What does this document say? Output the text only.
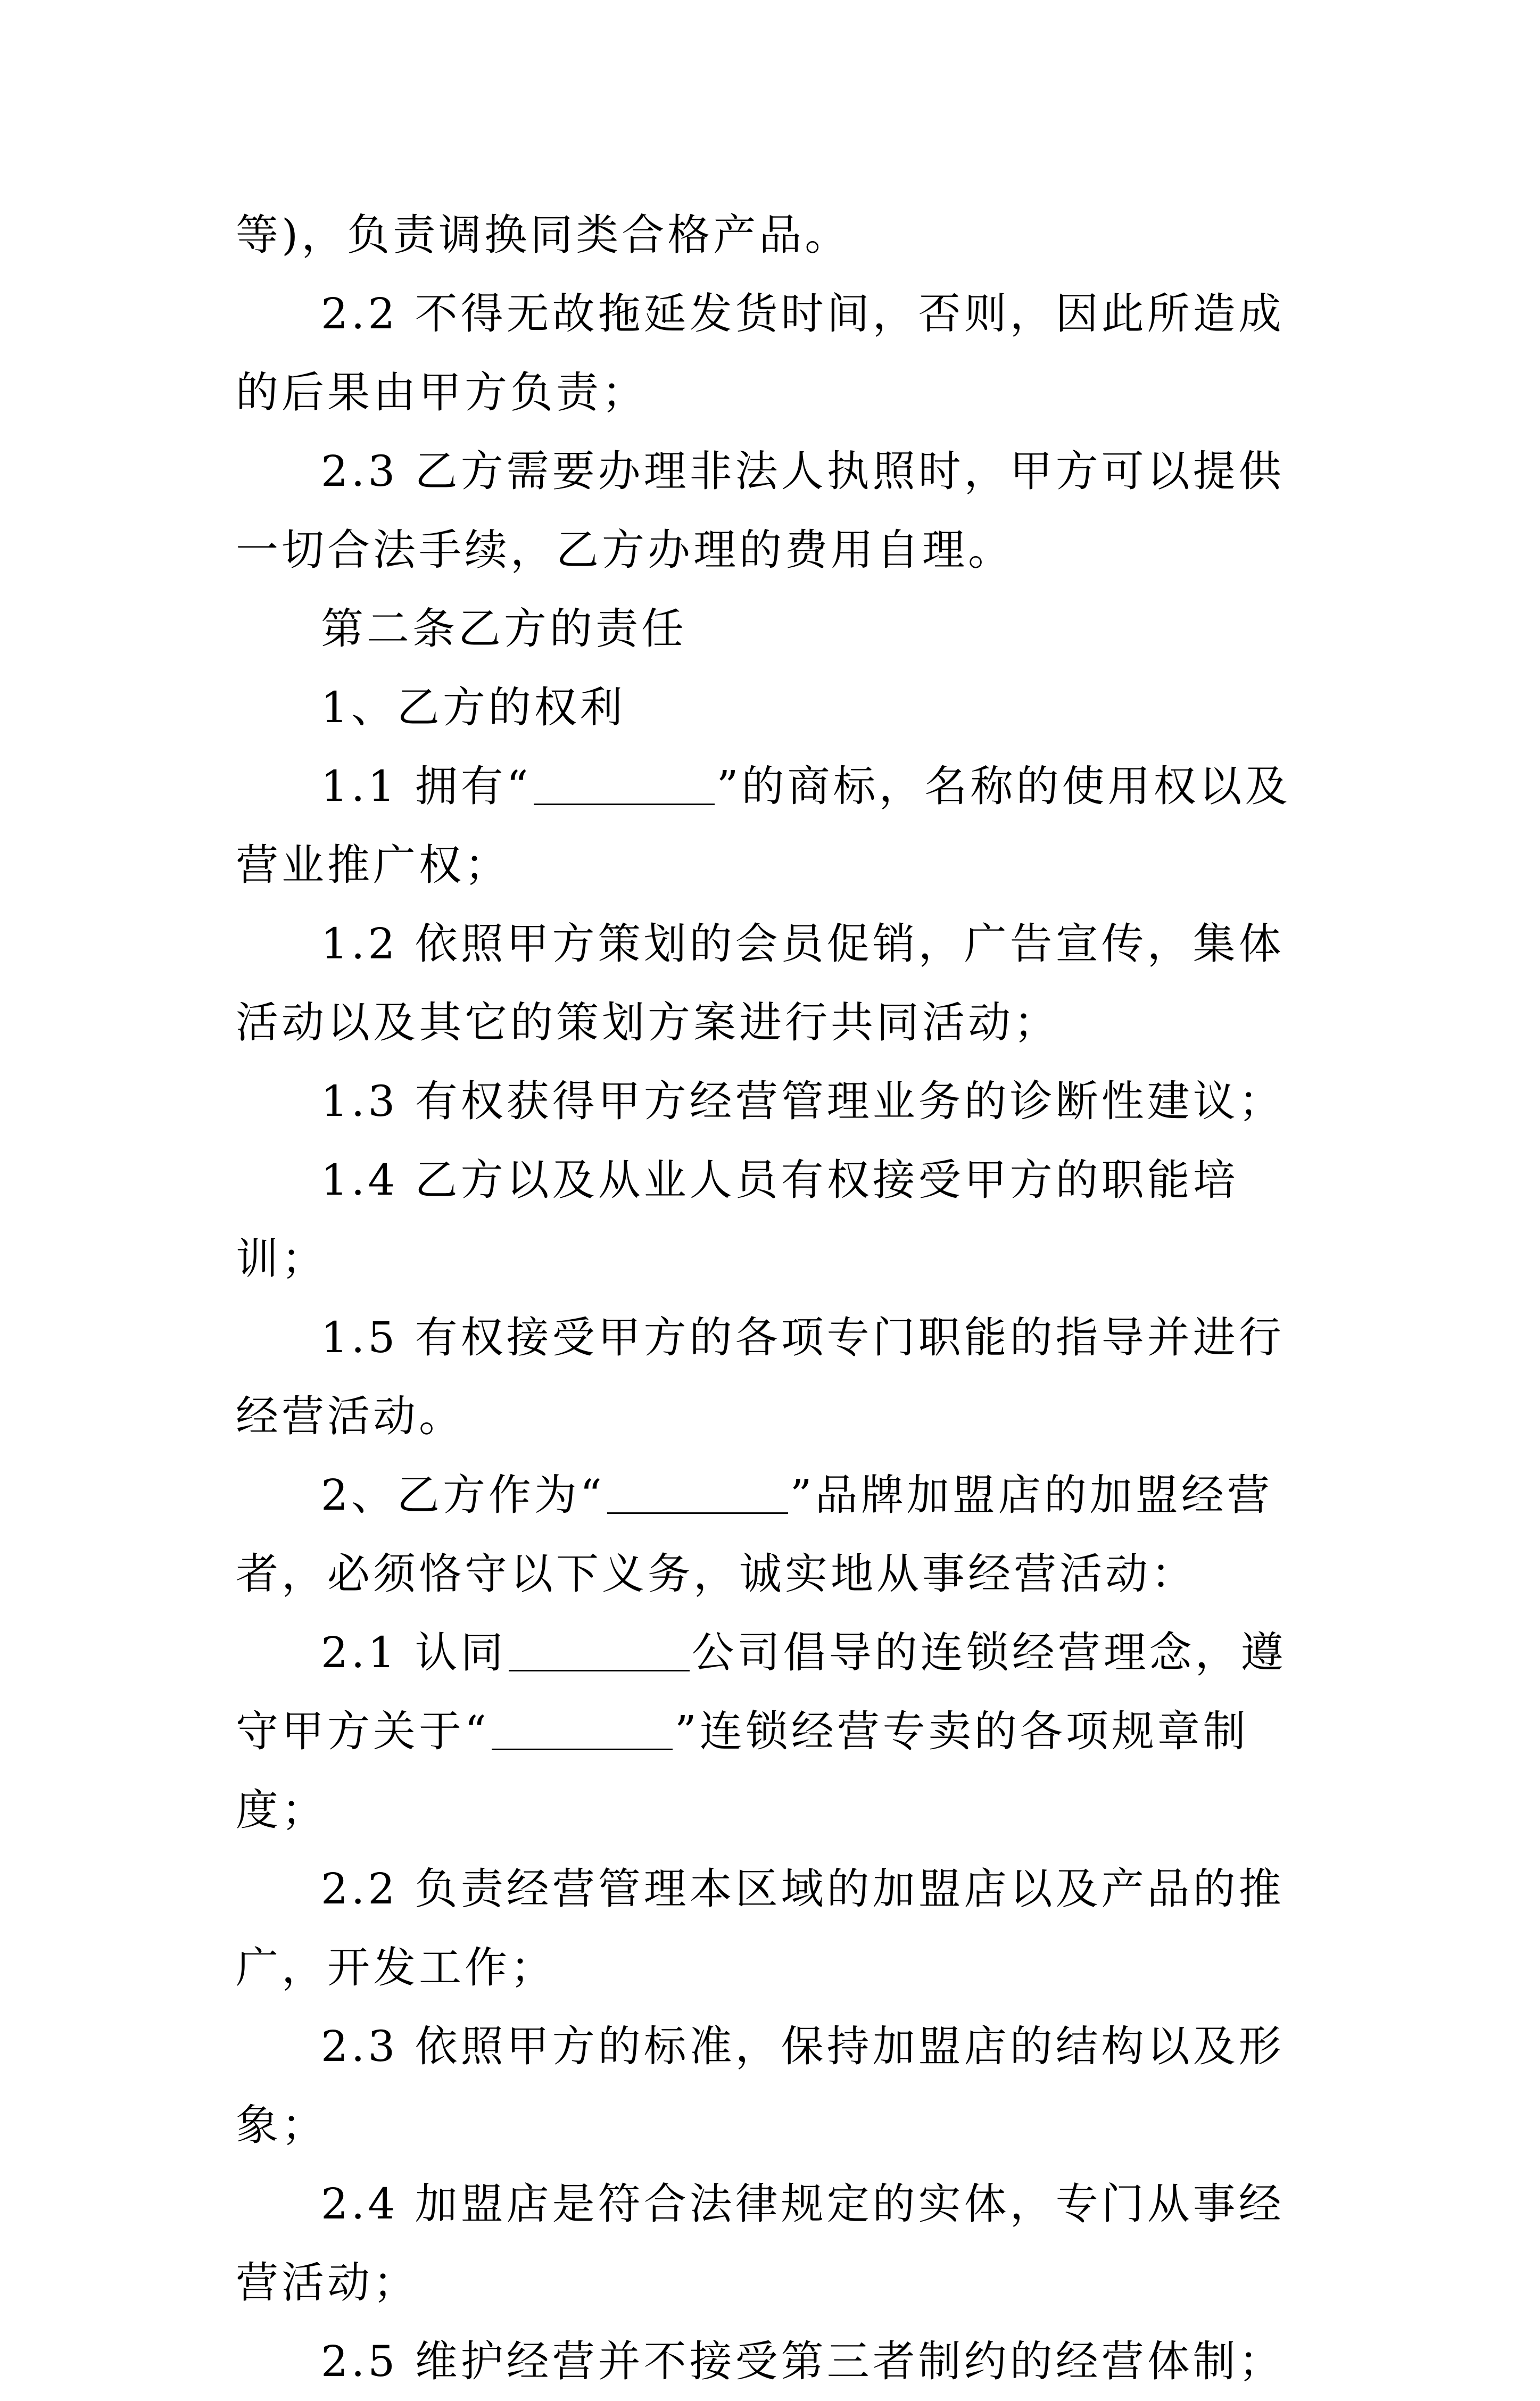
等)，负责调换同类合格产品。

2.2 不得无故拖延发货时间，否则，因此所造成的后果由甲方负责；

2.3 乙方需要办理非法人执照时，甲方可以提供一切合法手续，乙方办理的费用自理。

第二条乙方的责任

1、乙方的权利

1.1 拥有“	”的商标，名称的使用权以及营业推广权；

1.2 依照甲方策划的会员促销，广告宣传，集体活动以及其它的策划方案进行共同活动；

1.3 有权获得甲方经营管理业务的诊断性建议；

1.4 乙方以及从业人员有权接受甲方的职能培训；

1.5 有权接受甲方的各项专门职能的指导并进行经营活动。

2、乙方作为“	”品牌加盟店的加盟经营者，必须恪守以下义务，诚实地从事经营活动：

2.1 认同	公司倡导的连锁经营理念，遵守甲方关于“	”连锁经营专卖的各项规章制度；

2.2 负责经营管理本区域的加盟店以及产品的推广，开发工作；

2.3 依照甲方的标准，保持加盟店的结构以及形象；

2.4 加盟店是符合法律规定的实体，专门从事经营活动；

2.5 维护经营并不接受第三者制约的经营体制；
